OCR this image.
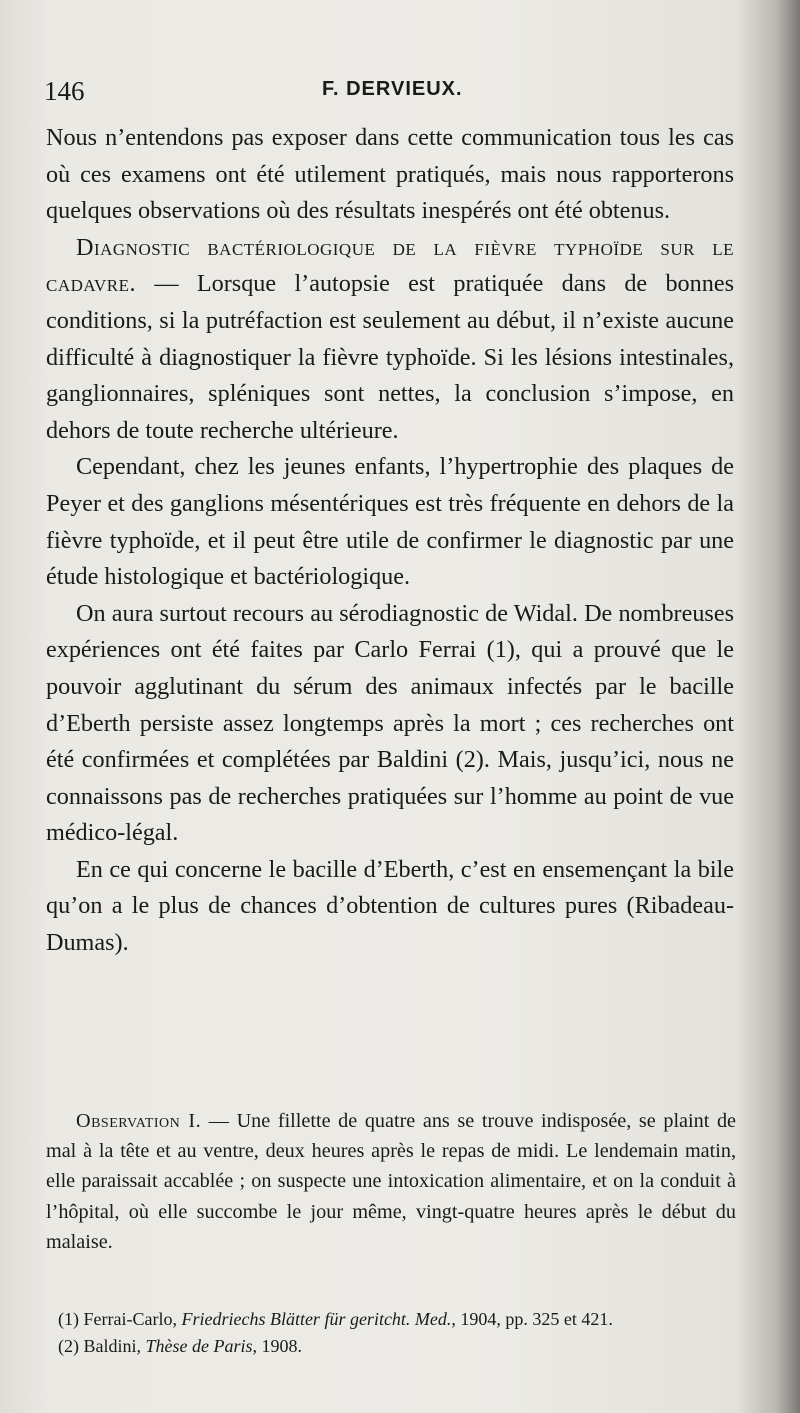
146	F. DERVIEUX.

Nous n’entendons pas exposer dans cette communication tous les cas où ces examens ont été utilement pratiqués, mais nous rapporterons quelques observations où des résultats inespérés ont été obtenus.

Diagnostic bactériologique de la fièvre typhoïde sur le cadavre. — Lorsque l’autopsie est pratiquée dans de bonnes conditions, si la putréfaction est seulement au début, il n’existe aucune difficulté à diagnostiquer la fièvre typhoïde. Si les lésions intestinales, ganglionnaires, spléniques sont nettes, la conclusion s’impose, en dehors de toute recherche ultérieure.

Cependant, chez les jeunes enfants, l’hypertrophie des plaques de Peyer et des ganglions mésentériques est très fréquente en dehors de la fièvre typhoïde, et il peut être utile de confirmer le diagnostic par une étude histologique et bactériologique.

On aura surtout recours au sérodiagnostic de Widal. De nombreuses expériences ont été faites par Carlo Ferrai (1), qui a prouvé que le pouvoir agglutinant du sérum des animaux infectés par le bacille d’Eberth persiste assez longtemps après la mort ; ces recherches ont été confirmées et complétées par Baldini (2). Mais, jusqu’ici, nous ne connaissons pas de recherches pratiquées sur l’homme au point de vue médico-légal.

En ce qui concerne le bacille d’Eberth, c’est en ensemençant la bile qu’on a le plus de chances d’obtention de cultures pures (Ribadeau-Dumas).

Observation I. — Une fillette de quatre ans se trouve indisposée, se plaint de mal à la tête et au ventre, deux heures après le repas de midi. Le lendemain matin, elle paraissait accablée ; on suspecte une intoxication alimentaire, et on la conduit à l’hôpital, où elle succombe le jour même, vingt-quatre heures après le début du malaise.

(1) Ferrai-Carlo, Friedriechs Blätter für geritcht. Med., 1904, pp. 325 et 421.

(2) Baldini, Thèse de Paris, 1908.
